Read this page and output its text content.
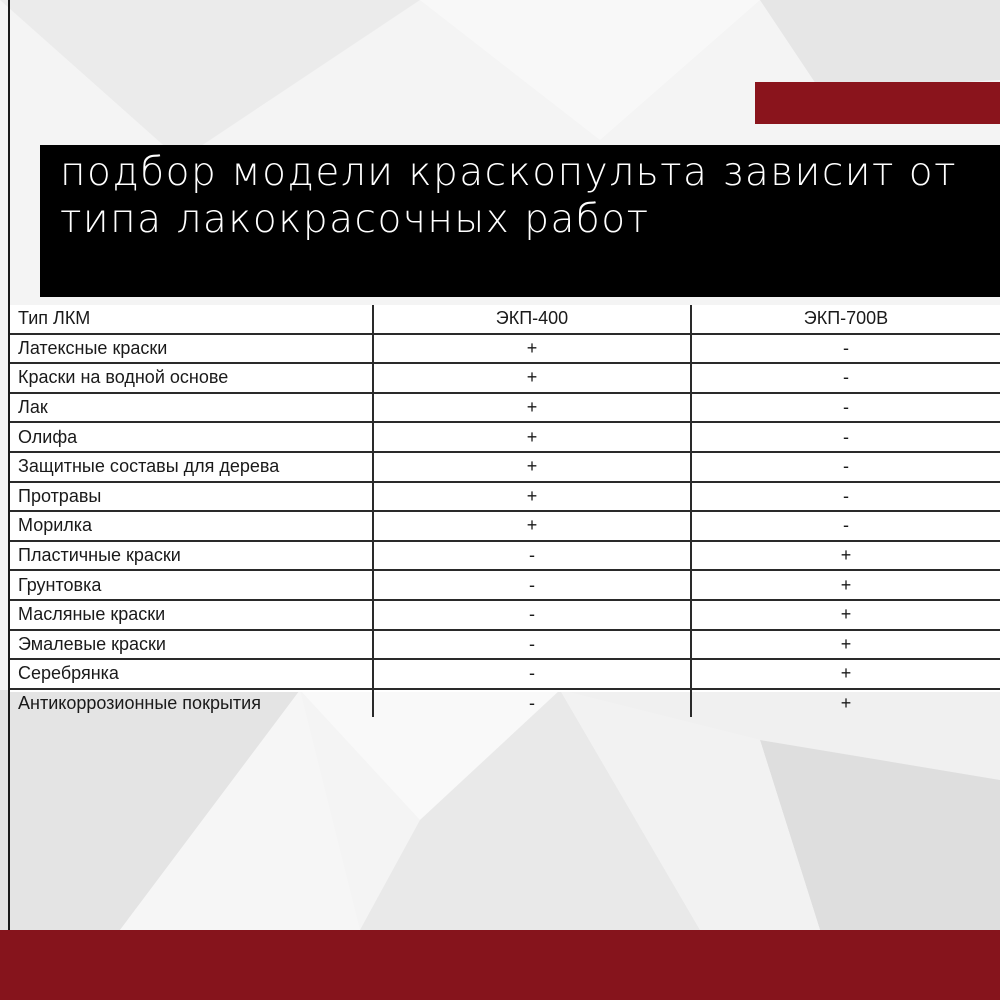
подбор модели краскопульта зависит от типа лакокрасочных работ

Тип ЛКМ	ЭКП-400	ЭКП-700В
Латексные краски	+	-
Краски на водной основе	+	-
Лак	+	-
Олифа	+	-
Защитные составы для дерева	+	-
Протравы	+	-
Морилка	+	-
Пластичные краски	-	+
Грунтовка	-	+
Масляные краски	-	+
Эмалевые краски	-	+
Серебрянка	-	+
Антикоррозионные покрытия	-	+
